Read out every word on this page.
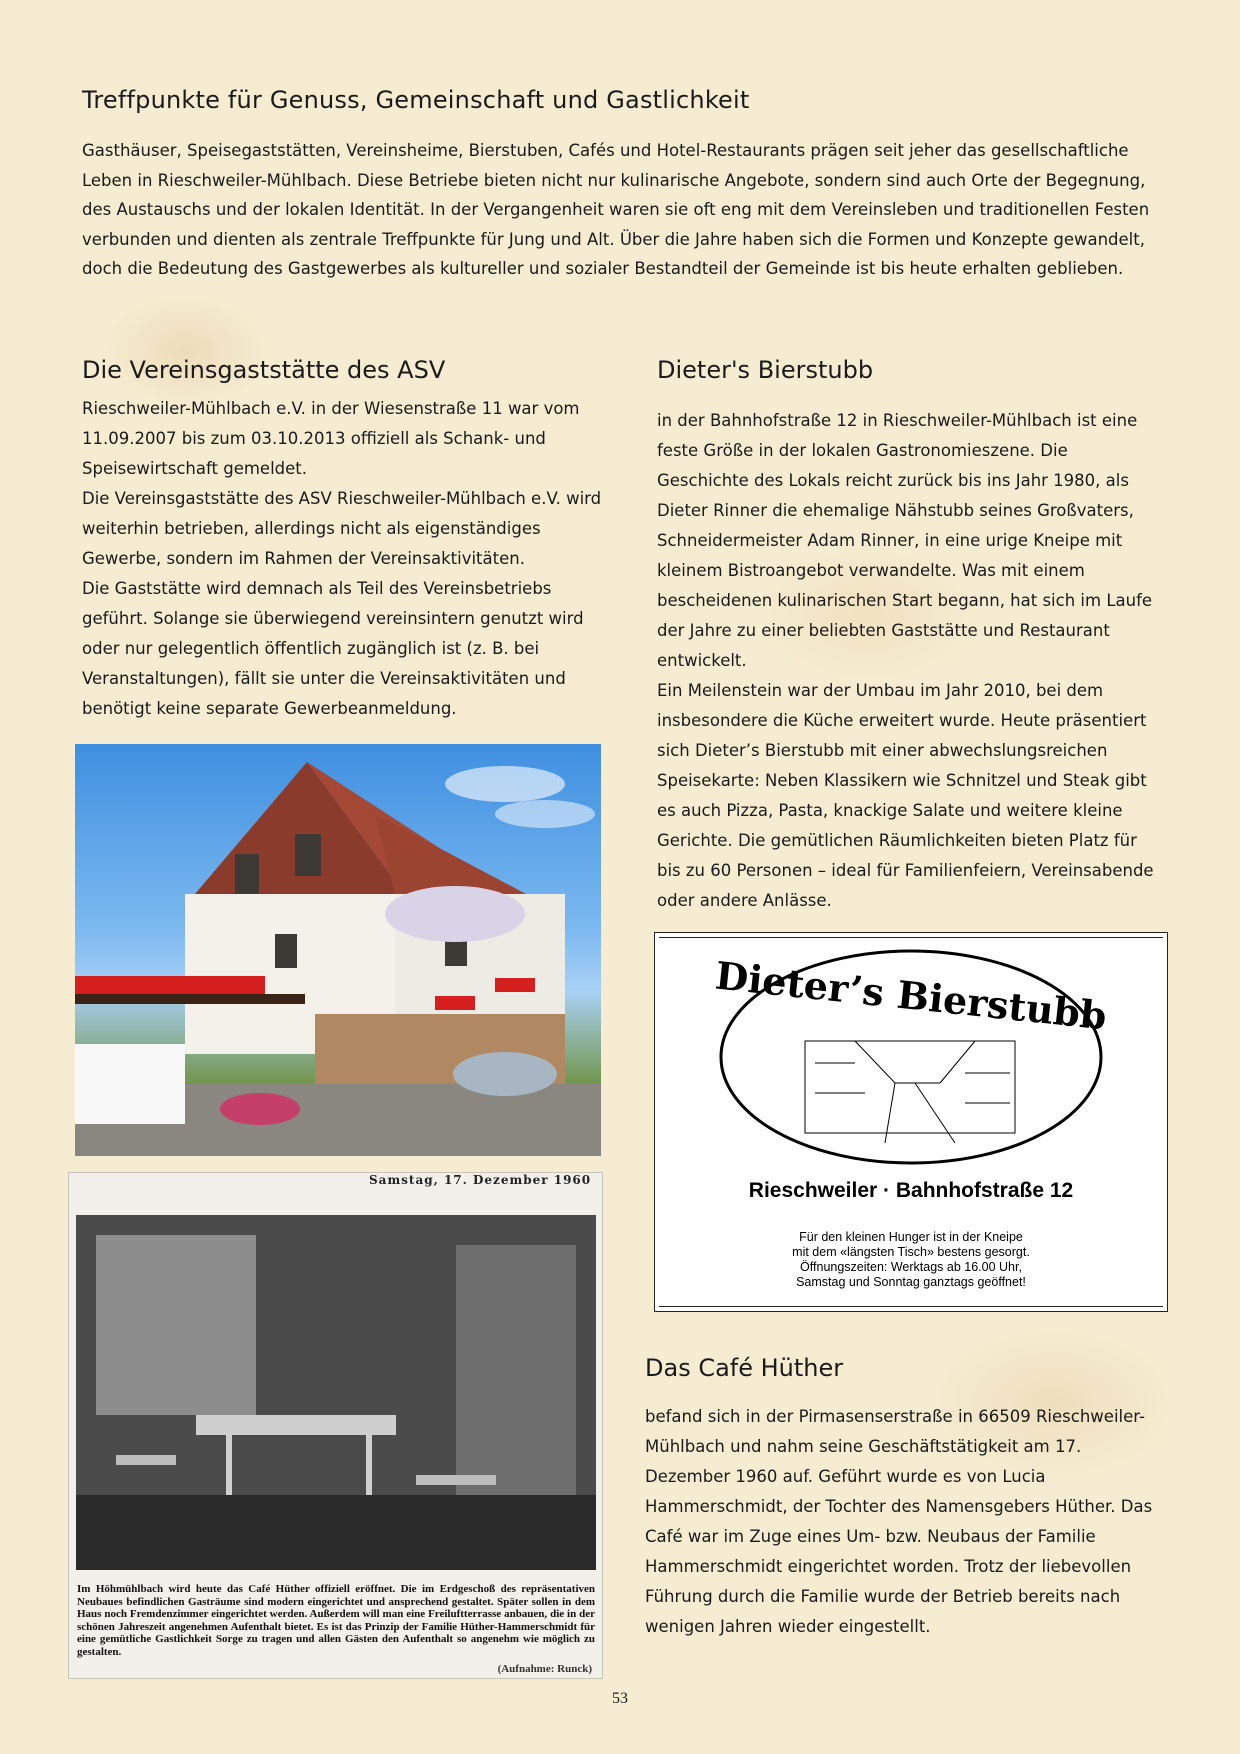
Treffpunkte für Genuss, Gemeinschaft und Gastlichkeit
Gasthäuser, Speisegaststätten, Vereinsheime, Bierstuben, Cafés und Hotel-Restaurants prägen seit jeher das gesellschaftliche Leben in Rieschweiler-Mühlbach. Diese Betriebe bieten nicht nur kulinarische Angebote, sondern sind auch Orte der Begegnung, des Austauschs und der lokalen Identität. In der Vergangenheit waren sie oft eng mit dem Vereinsleben und traditionellen Festen verbunden und dienten als zentrale Treffpunkte für Jung und Alt. Über die Jahre haben sich die Formen und Konzepte gewandelt, doch die Bedeutung des Gastgewerbes als kultureller und sozialer Bestandteil der Gemeinde ist bis heute erhalten geblieben.
Die Vereinsgaststätte des ASV

Rieschweiler-Mühlbach e.V. in der Wiesenstraße 11 war vom 11.09.2007 bis zum 03.10.2013 offiziell als Schank- und Speisewirtschaft gemeldet.

Die Vereinsgaststätte des ASV Rieschweiler-Mühlbach e.V. wird weiterhin betrieben, allerdings nicht als eigenständiges Gewerbe, sondern im Rahmen der Vereinsaktivitäten.

Die Gaststätte wird demnach als Teil des Vereinsbetriebs geführt. Solange sie überwiegend vereinsintern genutzt wird oder nur gelegentlich öffentlich zugänglich ist (z. B. bei Veranstaltungen), fällt sie unter die Vereinsaktivitäten und benötigt keine separate Gewerbeanmeldung.

Samstag, 17. Dezember 1960
Im Höhmühlbach wird heute das Café Hüther offiziell eröffnet. Die im Erdgeschoß des repräsentativen Neubaues befindlichen Gasträume sind modern eingerichtet und ansprechend gestaltet. Später sollen in dem Haus noch Fremdenzimmer eingerichtet werden. Außerdem will man eine Freiluftterrasse anbauen, die in der schönen Jahreszeit angenehmen Aufenthalt bietet. Es ist das Prinzip der Familie Hüther-Hammerschmidt für eine gemütliche Gastlichkeit Sorge zu tragen und allen Gästen den Aufenthalt so angenehm wie möglich zu gestalten.
(Aufnahme: Runck)
Dieter's Bierstubb

in der Bahnhofstraße 12 in Rieschweiler-Mühlbach ist eine feste Größe in der lokalen Gastronomieszene. Die Geschichte des Lokals reicht zurück bis ins Jahr 1980, als Dieter Rinner die ehemalige Nähstubb seines Großvaters, Schneidermeister Adam Rinner, in eine urige Kneipe mit kleinem Bistroangebot verwandelte. Was mit einem bescheidenen kulinarischen Start begann, hat sich im Laufe der Jahre zu einer beliebten Gaststätte und Restaurant entwickelt.

Ein Meilenstein war der Umbau im Jahr 2010, bei dem insbesondere die Küche erweitert wurde. Heute präsentiert sich Dieter’s Bierstubb mit einer abwechslungsreichen Speisekarte: Neben Klassikern wie Schnitzel und Steak gibt es auch Pizza, Pasta, knackige Salate und weitere kleine Gerichte. Die gemütlichen Räumlichkeiten bieten Platz für bis zu 60 Personen – ideal für Familienfeiern, Vereinsabende oder andere Anlässe.

Dieter’s Bierstubb
Rieschweiler · Bahnhofstraße 12
Für den kleinen Hunger ist in der Kneipe
mit dem «längsten Tisch» bestens gesorgt.
Öffnungszeiten: Werktags ab 16.00 Uhr,
Samstag und Sonntag ganztags geöffnet!
Das Café Hüther
befand sich in der Pirmasenserstraße in 66509 Rieschweiler-Mühlbach und nahm seine Geschäftstätigkeit am 17. Dezember 1960 auf. Geführt wurde es von Lucia Hammerschmidt, der Tochter des Namensgebers Hüther. Das Café war im Zuge eines Um- bzw. Neubaus der Familie Hammerschmidt eingerichtet worden. Trotz der liebevollen Führung durch die Familie wurde der Betrieb bereits nach wenigen Jahren wieder eingestellt.
53
